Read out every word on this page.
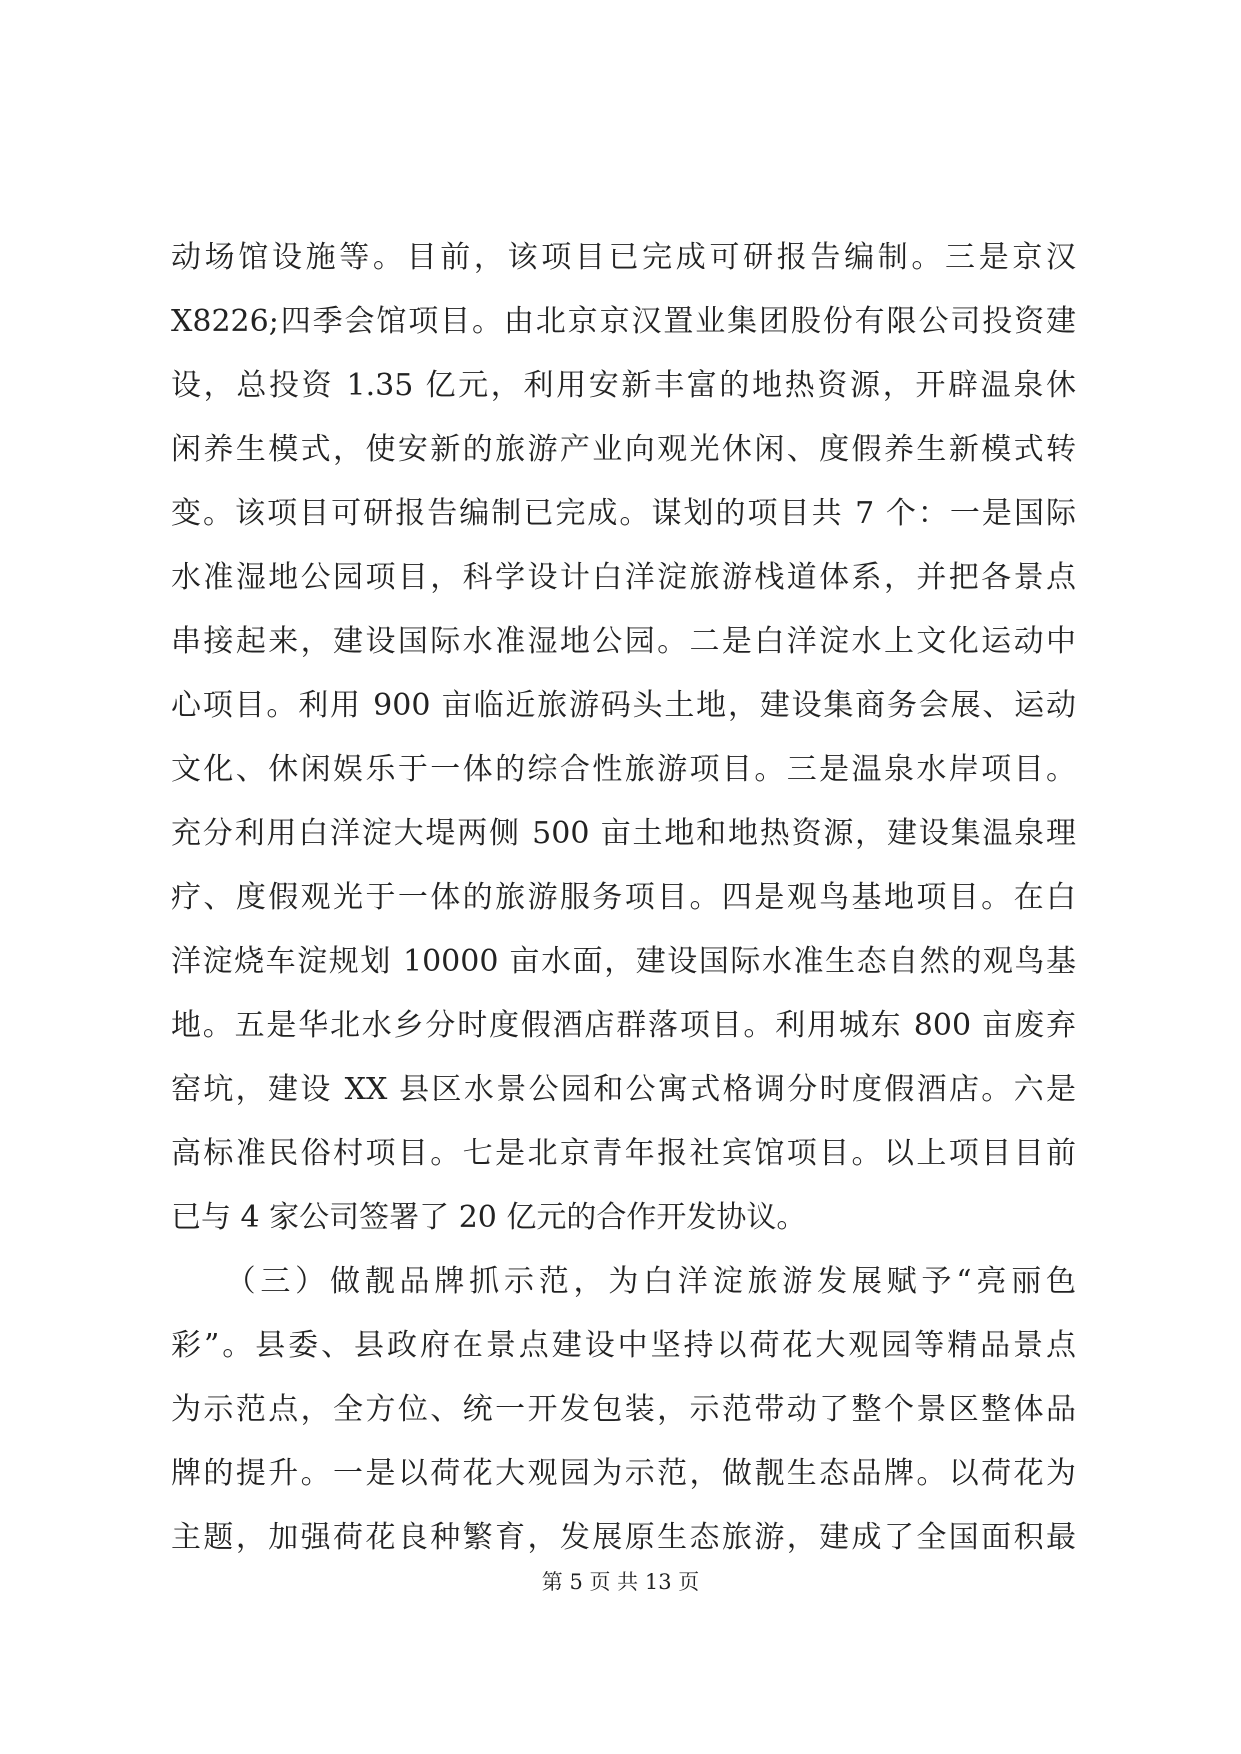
动场馆设施等。目前，该项目已完成可研报告编制。三是京汉
X8226;四季会馆项目。由北京京汉置业集团股份有限公司投资建
设，总投资 1.35 亿元，利用安新丰富的地热资源，开辟温泉休
闲养生模式，使安新的旅游产业向观光休闲、度假养生新模式转
变。该项目可研报告编制已完成。谋划的项目共 7 个：一是国际
水准湿地公园项目，科学设计白洋淀旅游栈道体系，并把各景点
串接起来，建设国际水准湿地公园。二是白洋淀水上文化运动中
心项目。利用 900 亩临近旅游码头土地，建设集商务会展、运动
文化、休闲娱乐于一体的综合性旅游项目。三是温泉水岸项目。
充分利用白洋淀大堤两侧 500 亩土地和地热资源，建设集温泉理
疗、度假观光于一体的旅游服务项目。四是观鸟基地项目。在白
洋淀烧车淀规划 10000 亩水面，建设国际水准生态自然的观鸟基
地。五是华北水乡分时度假酒店群落项目。利用城东 800 亩废弃
窑坑，建设 XX 县区水景公园和公寓式格调分时度假酒店。六是
高标准民俗村项目。七是北京青年报社宾馆项目。以上项目目前
已与 4 家公司签署了 20 亿元的合作开发协议。
　　（三）做靓品牌抓示范，为白洋淀旅游发展赋予“亮丽色
彩”。县委、县政府在景点建设中坚持以荷花大观园等精品景点
为示范点，全方位、统一开发包装，示范带动了整个景区整体品
牌的提升。一是以荷花大观园为示范，做靓生态品牌。以荷花为
主题，加强荷花良种繁育，发展原生态旅游，建成了全国面积最
第 5 页 共 13 页
